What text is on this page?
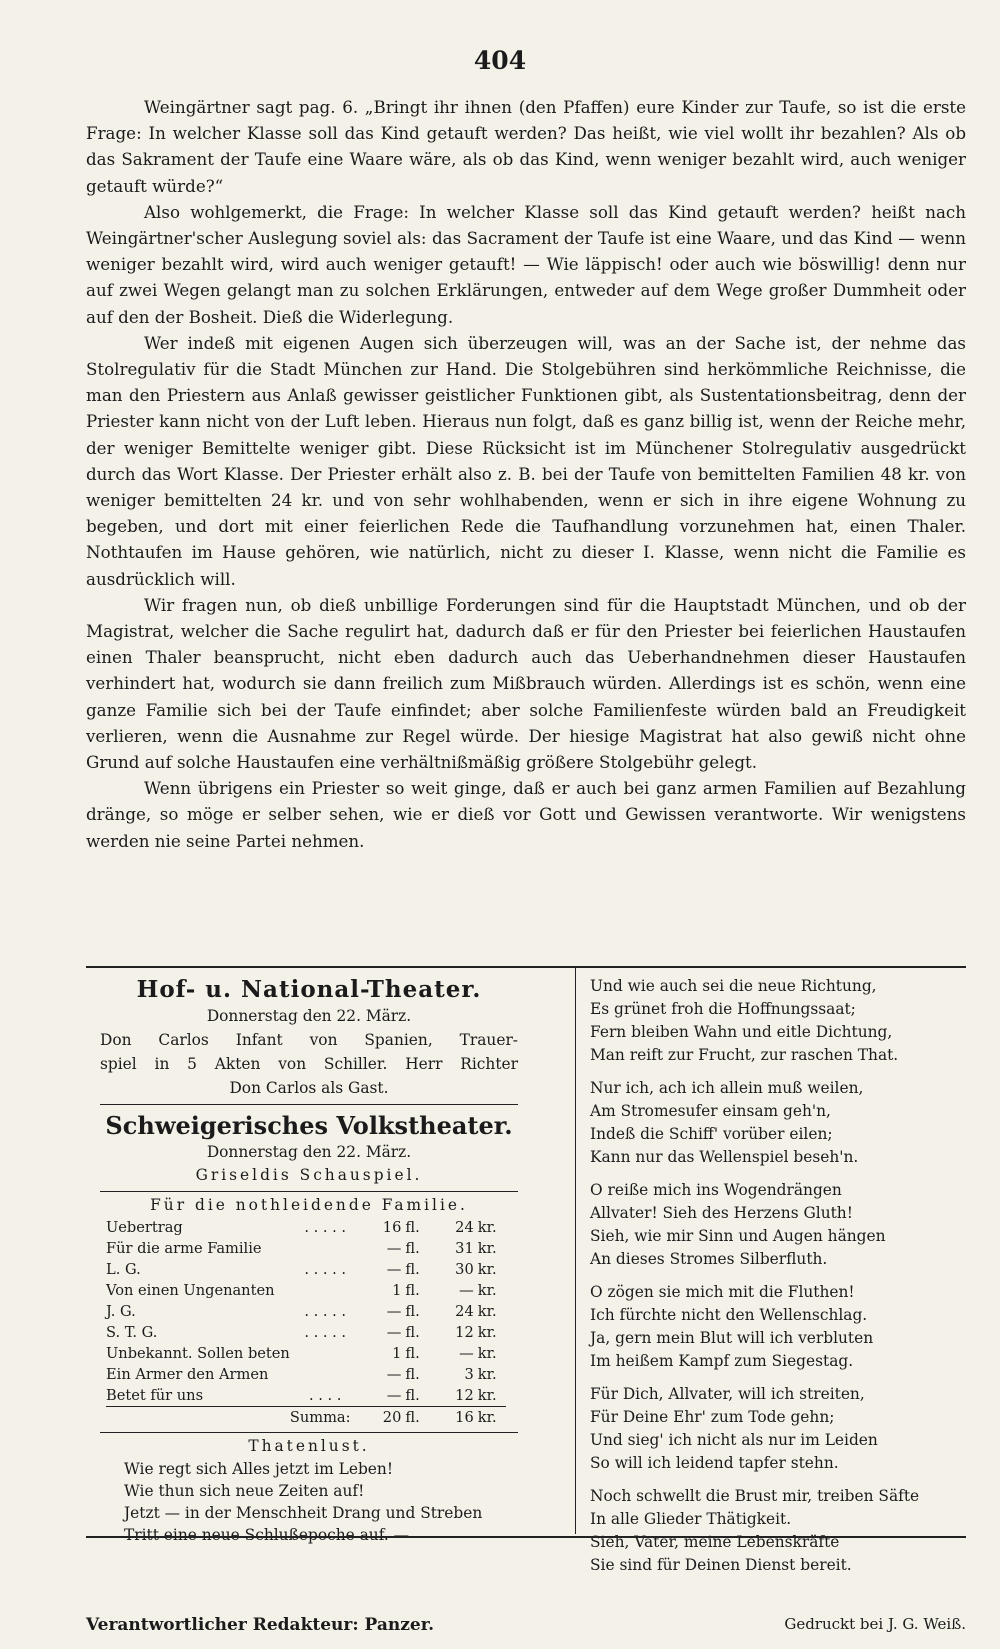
404

Weingärtner sagt pag. 6. „Bringt ihr ihnen (den Pfaffen) eure Kinder zur Taufe, so ist die erste Frage: In welcher Klasse soll das Kind getauft werden? Das heißt, wie viel wollt ihr bezahlen? Als ob das Sakrament der Taufe eine Waare wäre, als ob das Kind, wenn weniger bezahlt wird, auch weniger getauft würde?“

Also wohlgemerkt, die Frage: In welcher Klasse soll das Kind getauft werden? heißt nach Weingärtner'scher Auslegung soviel als: das Sacrament der Taufe ist eine Waare, und das Kind — wenn weniger bezahlt wird, wird auch weniger getauft! — Wie läppisch! oder auch wie böswillig! denn nur auf zwei Wegen gelangt man zu solchen Erklärungen, entweder auf dem Wege großer Dummheit oder auf den der Bosheit. Dieß die Widerlegung.

Wer indeß mit eigenen Augen sich überzeugen will, was an der Sache ist, der nehme das Stolregulativ für die Stadt München zur Hand. Die Stolgebühren sind herkömmliche Reichnisse, die man den Priestern aus Anlaß gewisser geistlicher Funktionen gibt, als Sustentationsbeitrag, denn der Priester kann nicht von der Luft leben. Hieraus nun folgt, daß es ganz billig ist, wenn der Reiche mehr, der weniger Bemittelte weniger gibt. Diese Rücksicht ist im Münchener Stolregulativ ausgedrückt durch das Wort Klasse. Der Priester erhält also z. B. bei der Taufe von bemittelten Familien 48 kr. von weniger bemittelten 24 kr. und von sehr wohlhabenden, wenn er sich in ihre eigene Wohnung zu begeben, und dort mit einer feierlichen Rede die Taufhandlung vorzunehmen hat, einen Thaler. Nothtaufen im Hause gehören, wie natürlich, nicht zu dieser I. Klasse, wenn nicht die Familie es ausdrücklich will.

Wir fragen nun, ob dieß unbillige Forderungen sind für die Hauptstadt München, und ob der Magistrat, welcher die Sache regulirt hat, dadurch daß er für den Priester bei feierlichen Haustaufen einen Thaler beansprucht, nicht eben dadurch auch das Ueberhandnehmen dieser Haustaufen verhindert hat, wodurch sie dann freilich zum Mißbrauch würden. Allerdings ist es schön, wenn eine ganze Familie sich bei der Taufe einfindet; aber solche Familienfeste würden bald an Freudigkeit verlieren, wenn die Ausnahme zur Regel würde. Der hiesige Magistrat hat also gewiß nicht ohne Grund auf solche Haustaufen eine verhältnißmäßig größere Stolgebühr gelegt.

Wenn übrigens ein Priester so weit ginge, daß er auch bei ganz armen Familien auf Bezahlung dränge, so möge er selber sehen, wie er dieß vor Gott und Gewissen verantworte. Wir wenigstens werden nie seine Partei nehmen.

Hof- u. National-Theater.
Donnerstag den 22. März.
Don Carlos Infant von Spanien, Trauer-
spiel in 5 Akten von Schiller. Herr Richter
Don Carlos als Gast.
Schweigerisches Volkstheater.
Donnerstag den 22. März.
Griseldis Schauspiel.
Für die nothleidende Familie.
Uebertrag	. . . . .	16	fl.	24	kr.
Für die arme Familie		—	fl.	31	kr.
L. G.	. . . . .	—	fl.	30	kr.
Von einen Ungenanten		1	fl.	—	kr.
J. G.	. . . . .	—	fl.	24	kr.
S. T. G.	. . . . .	—	fl.	12	kr.
Unbekannt. Sollen beten		1	fl.	—	kr.
Ein Armer den Armen		—	fl.	3	kr.
Betet für uns	. . . .	—	fl.	12	kr.
	Summa:	20	fl.	16	kr.
Thatenlust.
Wie regt sich Alles jetzt im Leben!
Wie thun sich neue Zeiten auf!
Jetzt — in der Menschheit Drang und Streben
Tritt eine neue Schlußepoche auf. —
Und wie auch sei die neue Richtung,
Es grünet froh die Hoffnungssaat;
Fern bleiben Wahn und eitle Dichtung,
Man reift zur Frucht, zur raschen That.
Nur ich, ach ich allein muß weilen,
Am Stromesufer einsam geh'n,
Indeß die Schiff' vorüber eilen;
Kann nur das Wellenspiel beseh'n.
O reiße mich ins Wogendrängen
Allvater! Sieh des Herzens Gluth!
Sieh, wie mir Sinn und Augen hängen
An dieses Stromes Silberfluth.
O zögen sie mich mit die Fluthen!
Ich fürchte nicht den Wellenschlag.
Ja, gern mein Blut will ich verbluten
Im heißem Kampf zum Siegestag.
Für Dich, Allvater, will ich streiten,
Für Deine Ehr' zum Tode gehn;
Und sieg' ich nicht als nur im Leiden
So will ich leidend tapfer stehn.
Noch schwellt die Brust mir, treiben Säfte
In alle Glieder Thätigkeit.
Sieh, Vater, meine Lebenskräfte
Sie sind für Deinen Dienst bereit.
Verantwortlicher Redakteur: Panzer.	Gedruckt bei J. G. Weiß.
